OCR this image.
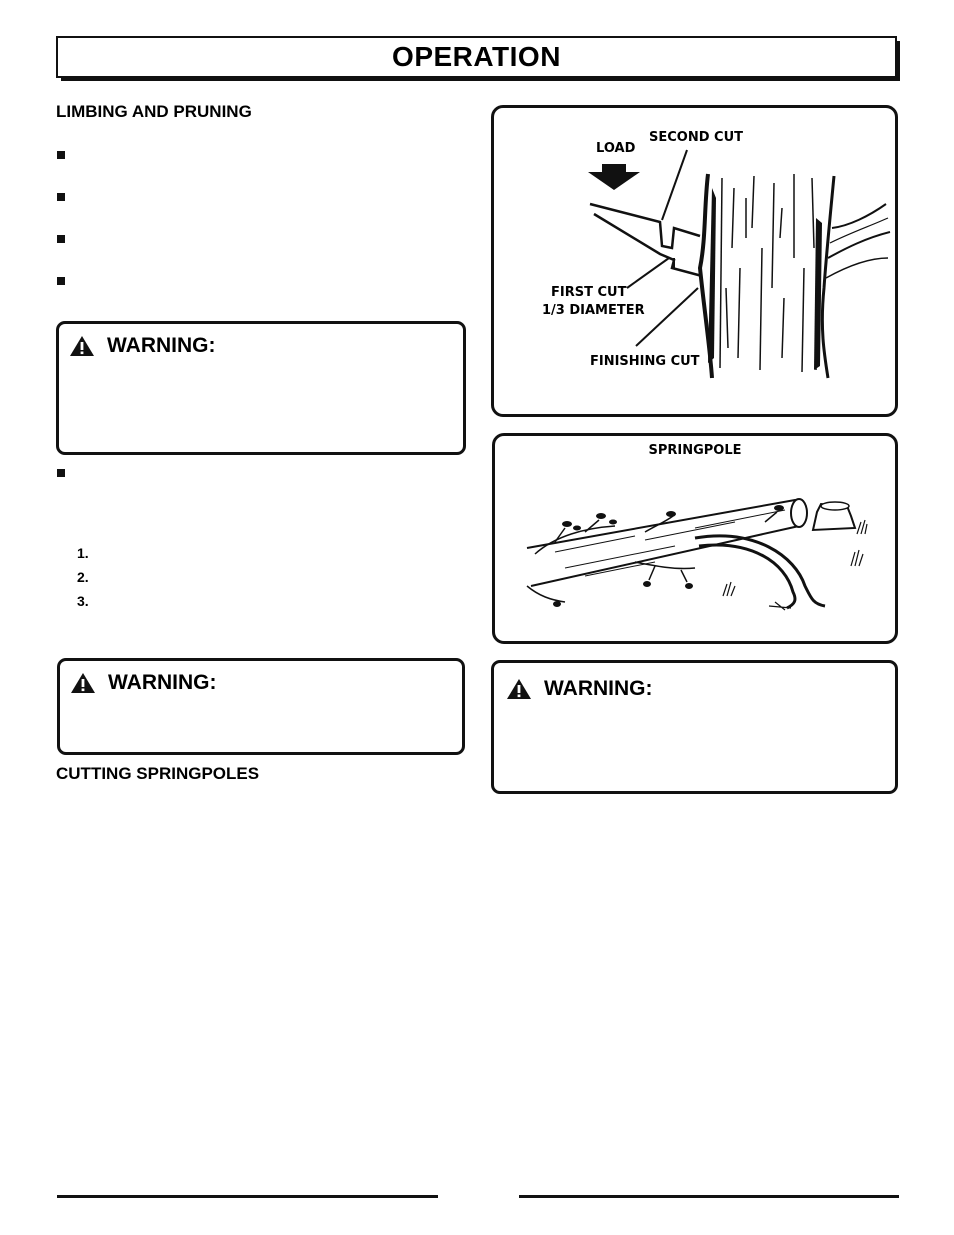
OPERATION
LIMBING AND PRUNING
WARNING:
1.
2.
3.
WARNING:
CUTTING SPRINGPOLES
LOAD
SECOND CUT
FIRST CUT
1/3 DIAMETER
FINISHING CUT
SPRINGPOLE
WARNING:
